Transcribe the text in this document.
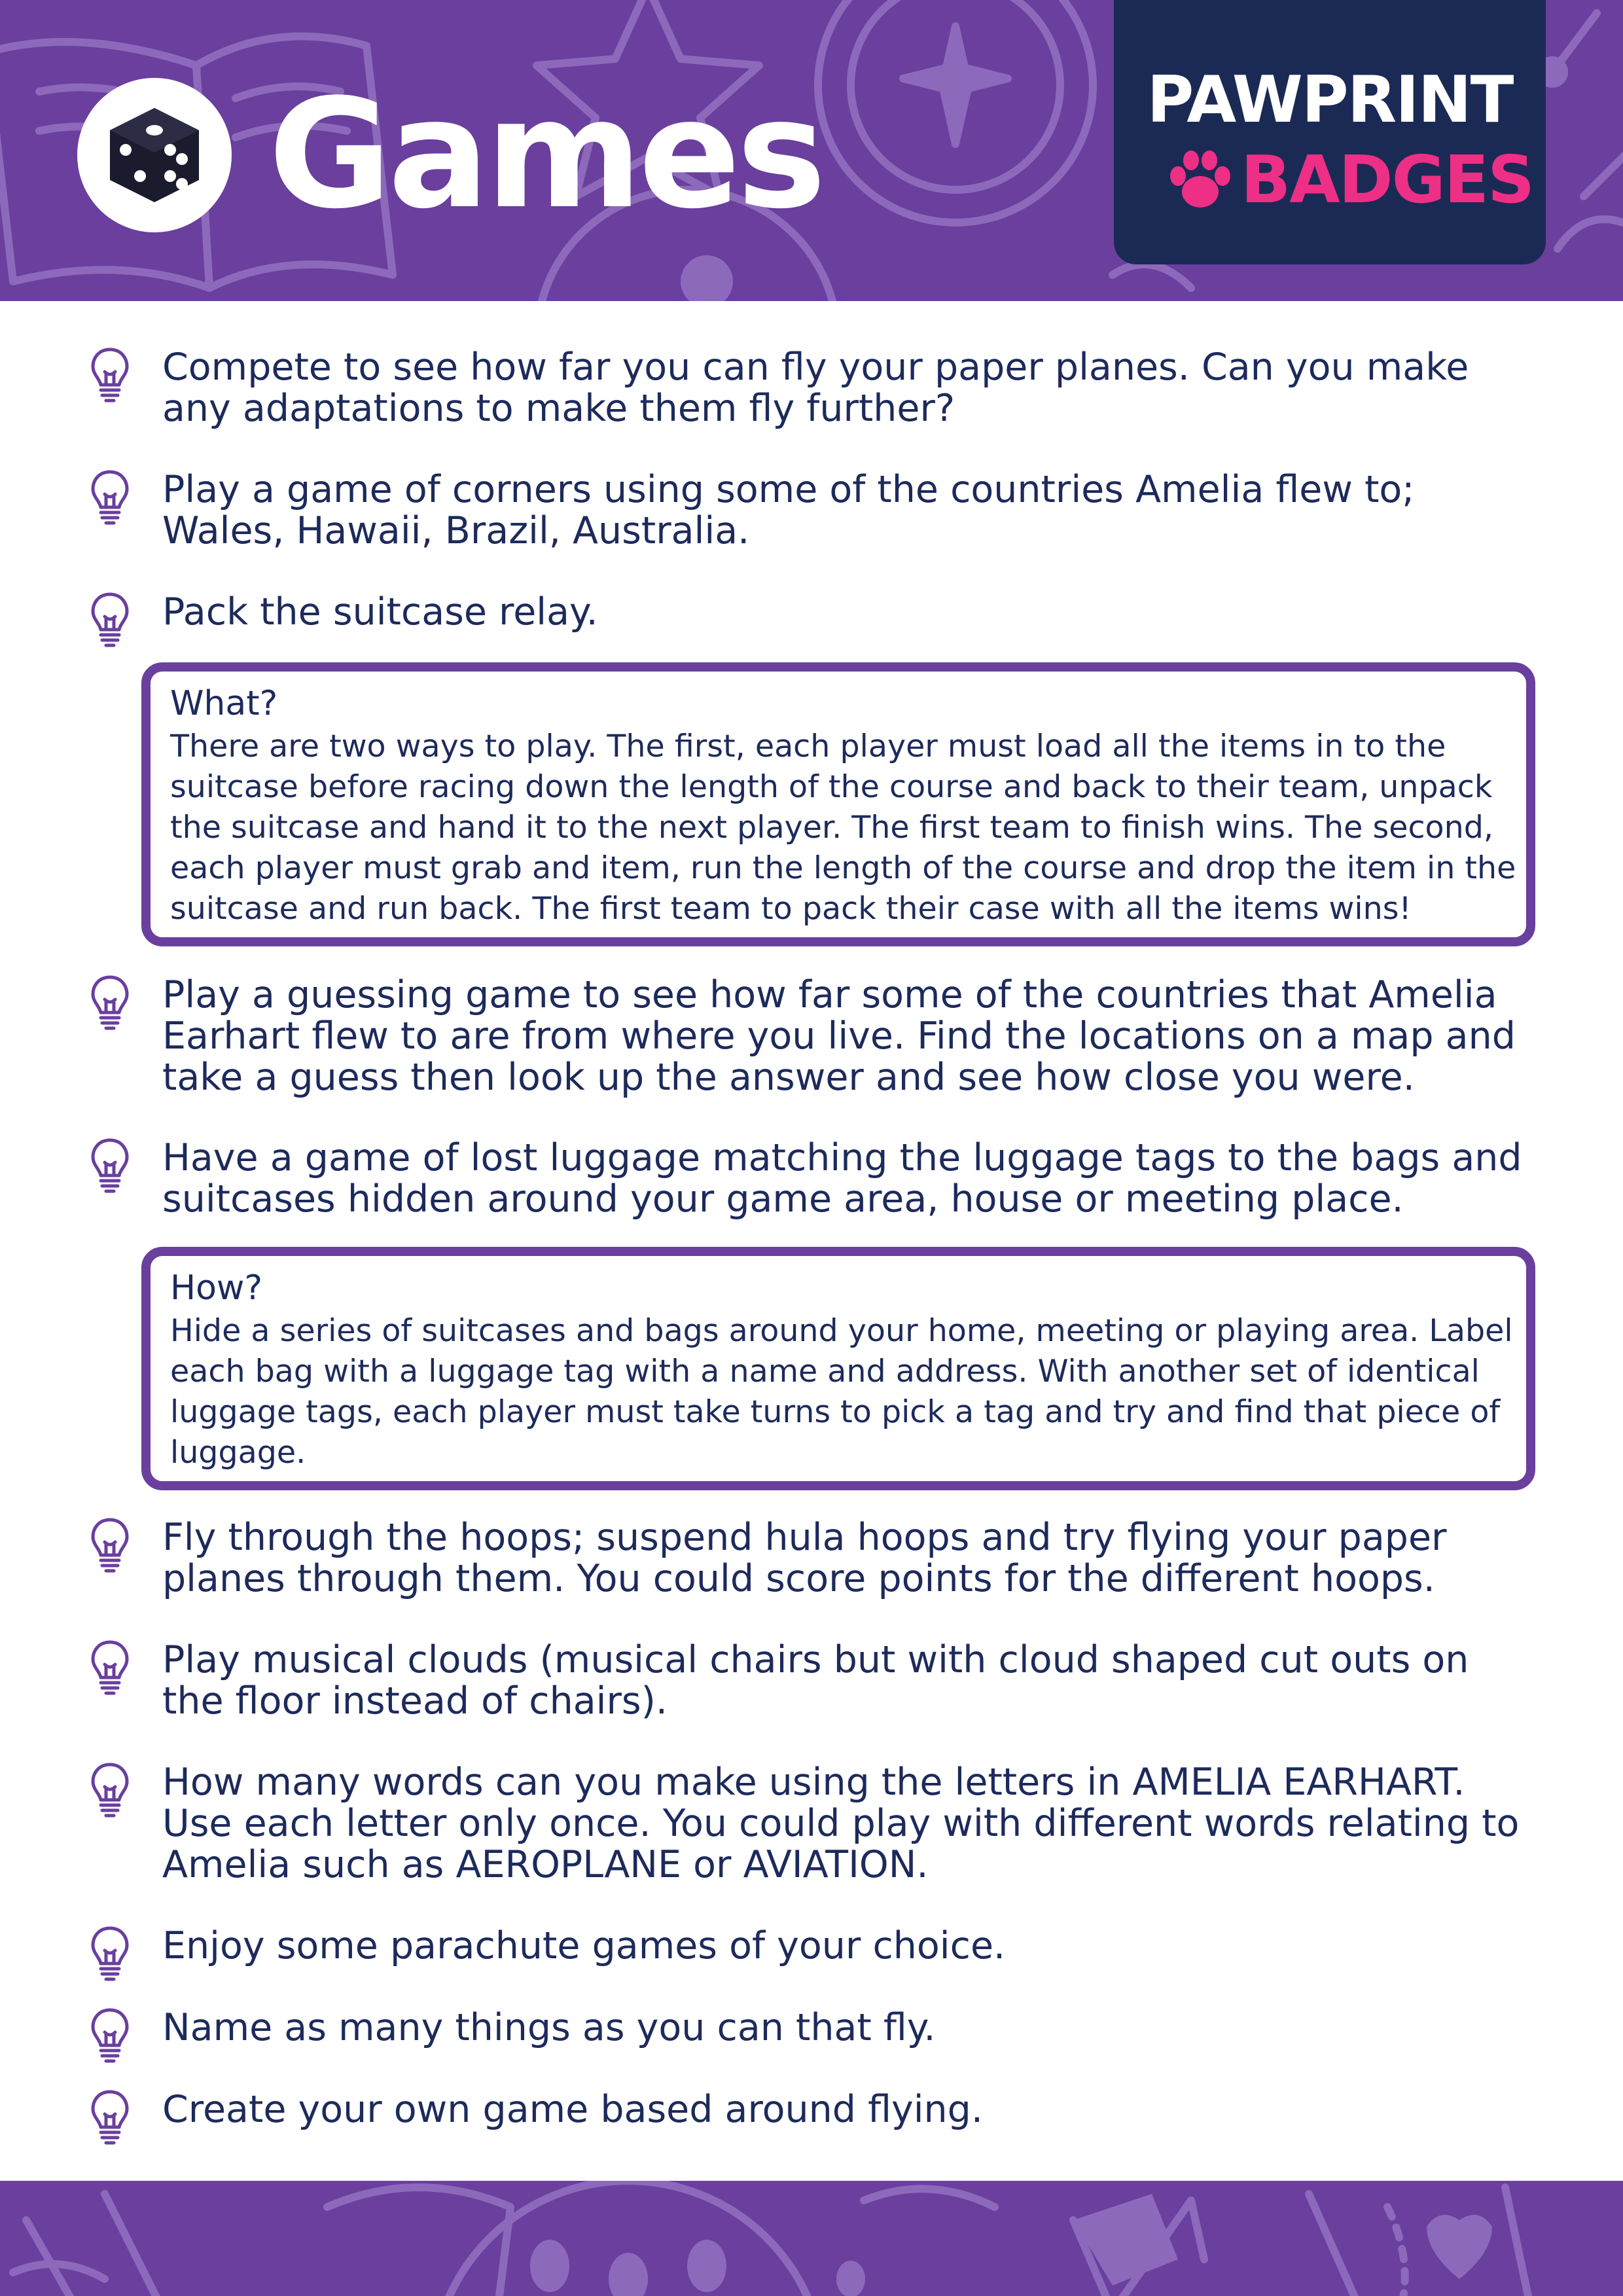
Games	PAWPRINT
BADGES
Compete to see how far you can fly your paper planes. Can you make any adaptations to make them fly further?
Play a game of corners using some of the countries Amelia flew to; Wales, Hawaii, Brazil, Australia.
Pack the suitcase relay.
What?
There are two ways to play. The first, each player must load all the items in to the suitcase before racing down the length of the course and back to their team, unpack the suitcase and hand it to the next player. The first team to finish wins. The second, each player must grab and item, run the length of the course and drop the item in the suitcase and run back. The first team to pack their case with all the items wins!
Play a guessing game to see how far some of the countries that Amelia Earhart flew to are from where you live. Find the locations on a map and take a guess then look up the answer and see how close you were.
Have a game of lost luggage matching the luggage tags to the bags and suitcases hidden around your game area, house or meeting place.
How?
Hide a series of suitcases and bags around your home, meeting or playing area. Label each bag with a luggage tag with a name and address. With another set of identical luggage tags, each player must take turns to pick a tag and try and find that piece of luggage.
Fly through the hoops; suspend hula hoops and try flying your paper planes through them. You could score points for the different hoops.
Play musical clouds (musical chairs but with cloud shaped cut outs on the floor instead of chairs).
How many words can you make using the letters in AMELIA EARHART. Use each letter only once. You could play with different words relating to Amelia such as AEROPLANE or AVIATION.
Enjoy some parachute games of your choice.
Name as many things as you can that fly.
Create your own game based around flying.
